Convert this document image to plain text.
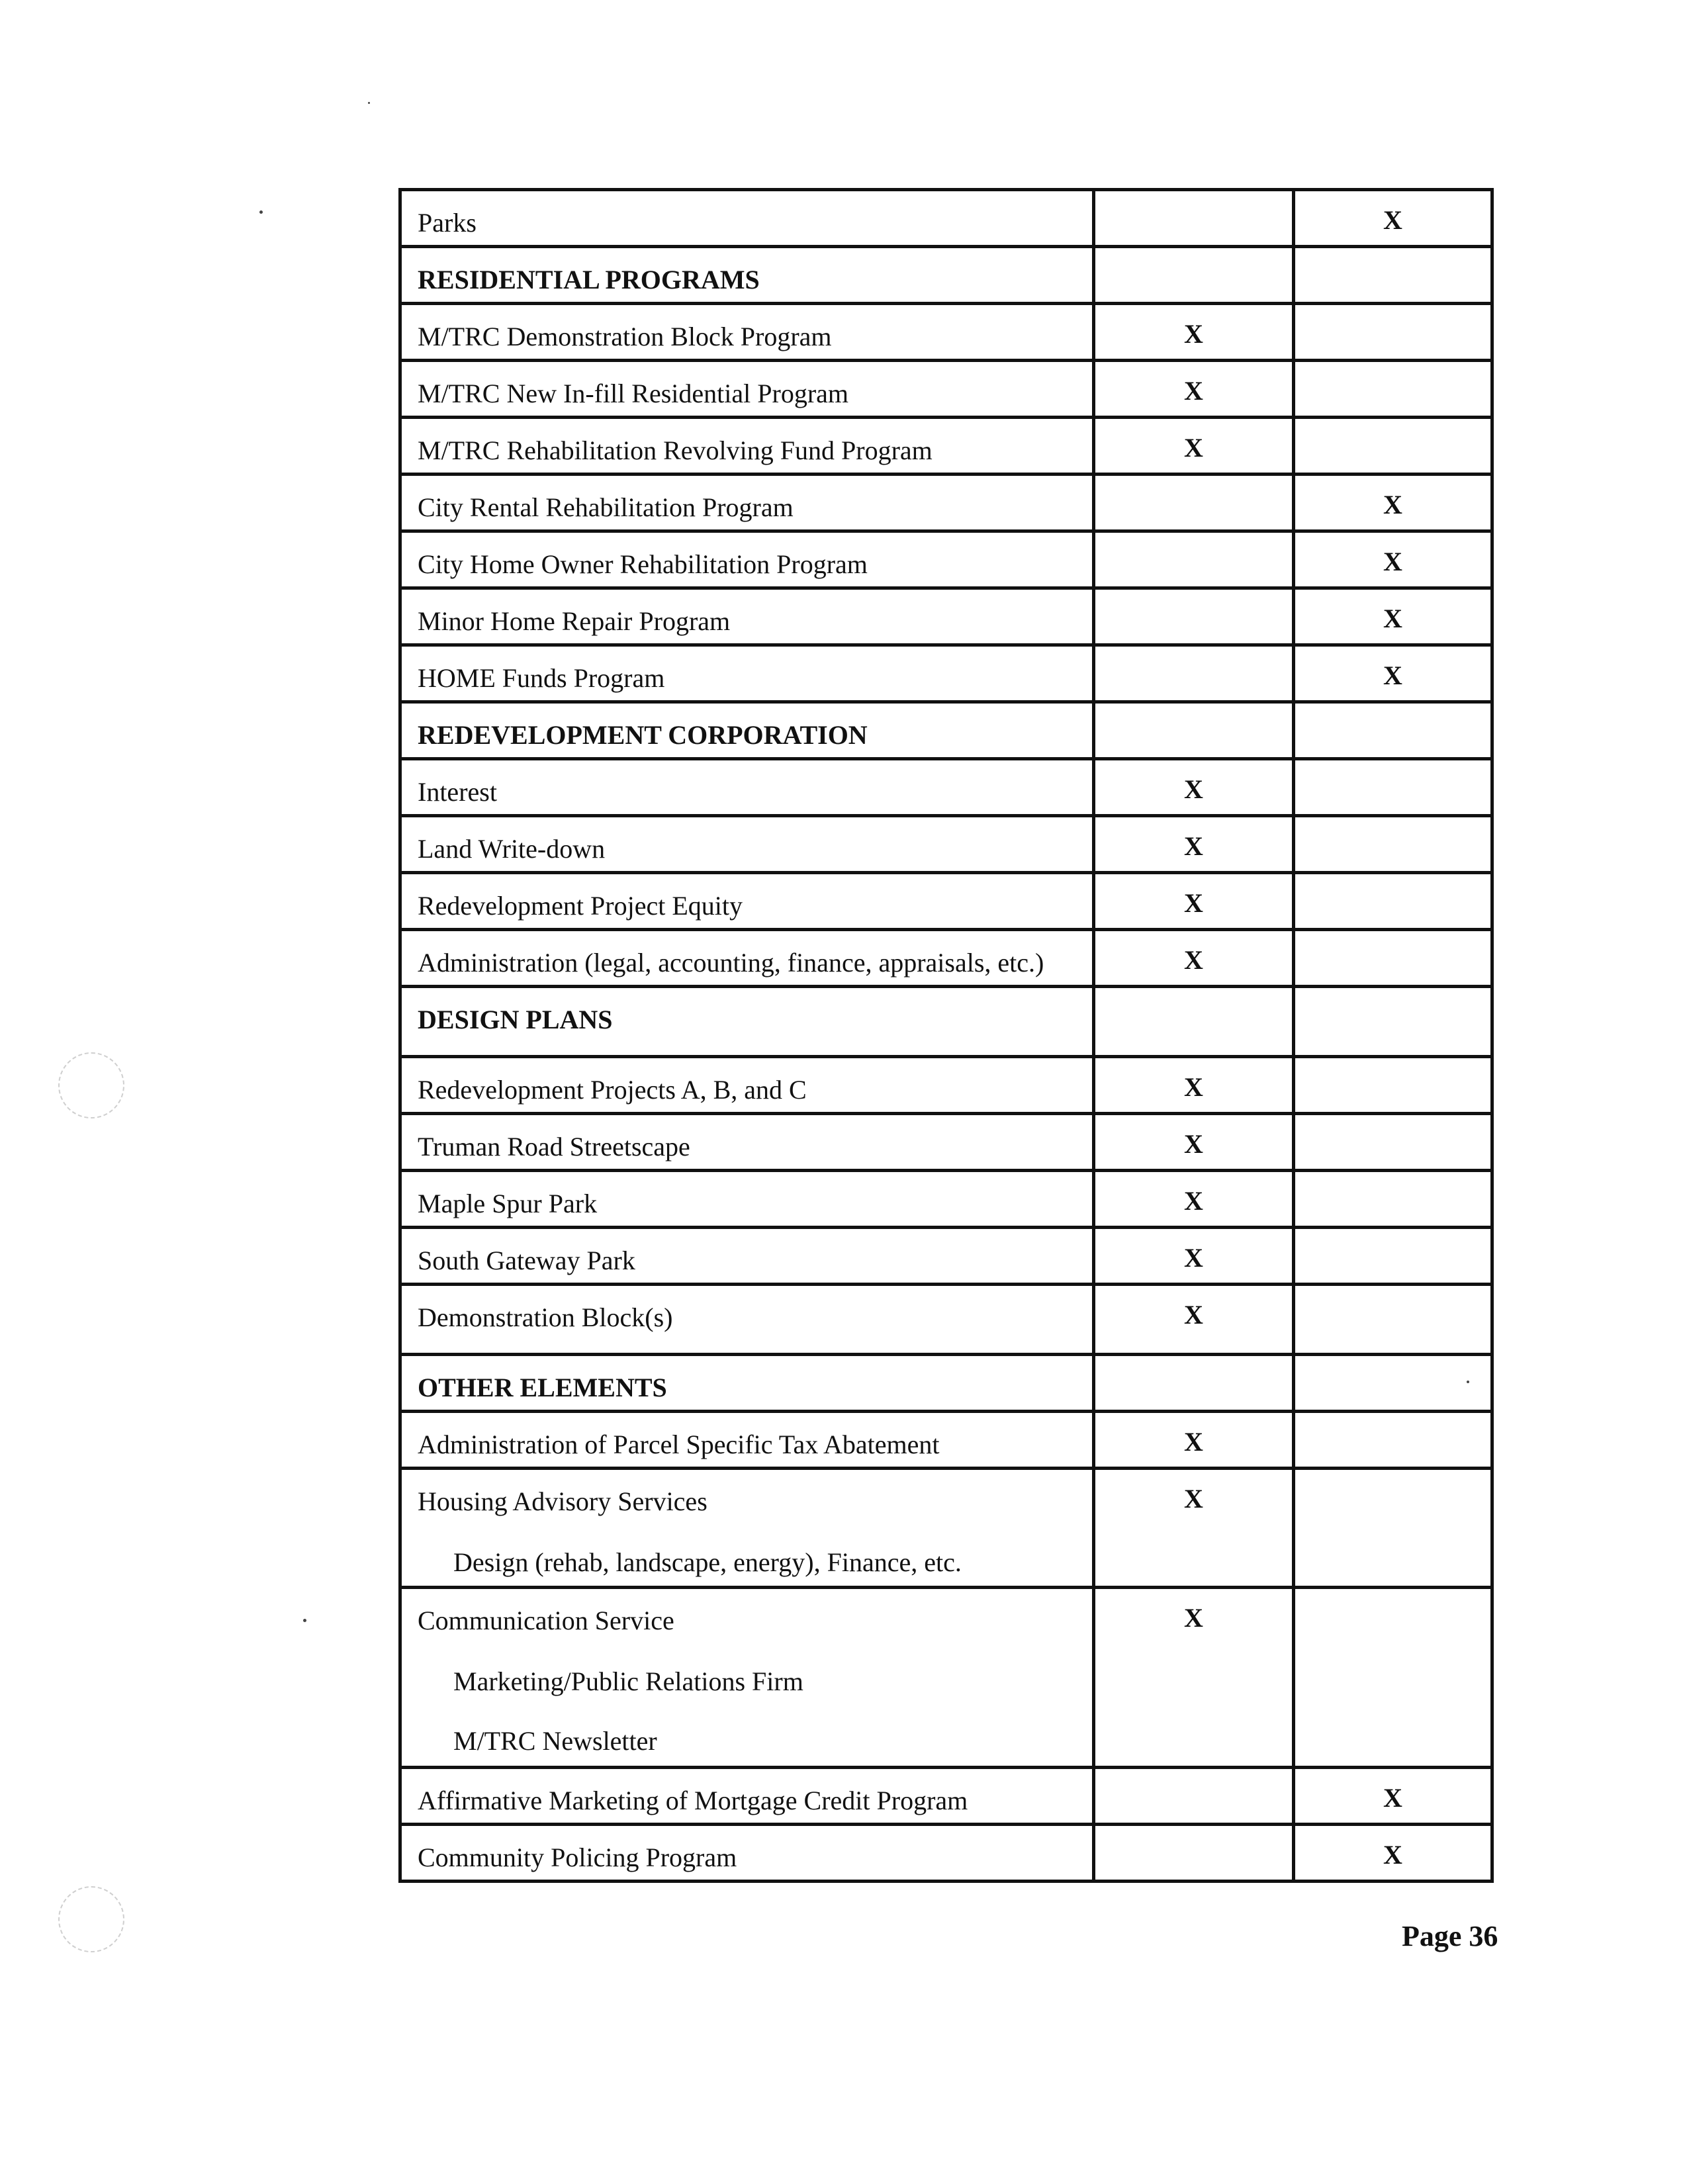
Parks		X

RESIDENTIAL PROGRAMS		

M/TRC Demonstration Block Program	X	

M/TRC New In-fill Residential Program	X	

M/TRC Rehabilitation Revolving Fund Program	X	

City Rental Rehabilitation Program		X

City Home Owner Rehabilitation Program		X

Minor Home Repair Program		X

HOME Funds Program		X

REDEVELOPMENT CORPORATION		

Interest	X	

Land Write-down	X	

Redevelopment Project Equity	X	

Administration (legal, accounting, finance, appraisals, etc.)	X	

DESIGN PLANS		

Redevelopment Projects A, B, and C	X	

Truman Road Streetscape	X	

Maple Spur Park	X	

South Gateway Park	X	

Demonstration Block(s)	X	

OTHER ELEMENTS		

Administration of Parcel Specific Tax Abatement	X	

Housing Advisory Services
Design (rehab, landscape, energy), Finance, etc.	X	

Communication Service
Marketing/Public Relations Firm
M/TRC Newsletter	X	

Affirmative Marketing of Mortgage Credit Program		X

Community Policing Program		X
Page 36
